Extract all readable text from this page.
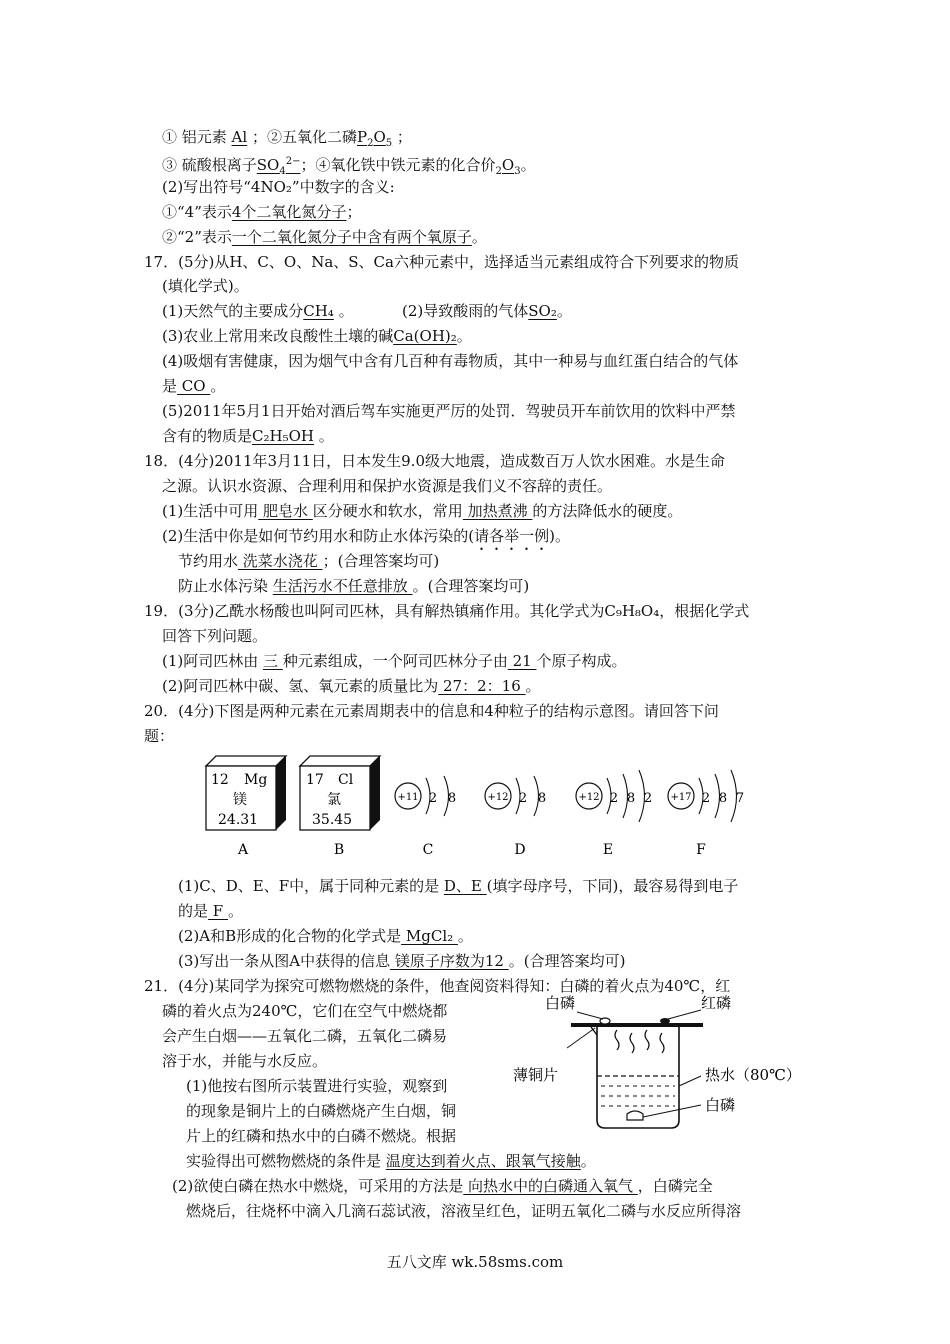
① 铝元素 Al ；②五氧化二磷$P_2O_5$ ；
③ 硫酸根离子$SO_4^{2-}$；④氧化铁中铁元素的化合价$_2O_3$。
(2)写出符号“4NO₂”中数字的含义:
①“4”表示4个二氧化氮分子；
②“2”表示一个二氧化氮分子中含有两个氧原子。
17．(5分)从H、C、O、Na、S、Ca六种元素中，选择适当元素组成符合下列要求的物质
(填化学式)。
(1)天然气的主要成分CH₄ 。	(2)导致酸雨的气体SO₂。
(3)农业上常用来改良酸性土壤的碱Ca(OH)₂。
(4)吸烟有害健康，因为烟气中含有几百种有毒物质，其中一种易与血红蛋白结合的气体
是 CO 。
(5)2011年5月1日开始对酒后驾车实施更严厉的处罚．驾驶员开车前饮用的饮料中严禁
含有的物质是C₂H₅OH 。
18．(4分)2011年3月11日，日本发生9.0级大地震，造成数百万人饮水困难。水是生命
之源。认识水资源、合理利用和保护水资源是我们义不容辞的责任。
(1)生活中可用 肥皂水 区分硬水和软水，常用 加热煮沸 的方法降低水的硬度。
(2)生活中你是如何节约用水和防止水体污染的(请各举一例)。
节约用水 洗菜水浇花 ；(合理答案均可)
防止水体污染 生活污水不任意排放 。(合理答案均可)
19．(3分)乙酰水杨酸也叫阿司匹林，具有解热镇痛作用。其化学式为C₉H₈O₄，根据化学式
回答下列问题。
(1)阿司匹林由 三 种元素组成，一个阿司匹林分子由 21 个原子构成。
(2)阿司匹林中碳、氢、氧元素的质量比为 27：2：16 。
20．(4分)下图是两种元素在元素周期表中的信息和4种粒子的结构示意图。请回答下问
题：
12 Mg
镁
24.31
17 Cl
氯
35.45
+11 2 8	+12 2 8	+12 2 8 2 +17 2 8 7
A	B	C	D	E	F
(1)C、D、E、F中，属于同种元素的是 D、E (填字母序号，下同)，最容易得到电子
的是 F 。
(2)A和B形成的化合物的化学式是 MgCl₂ 。
(3)写出一条从图A中获得的信息 镁原子序数为12 。(合理答案均可)
21．(4分)某同学为探究可燃物燃烧的条件，他查阅资料得知：白磷的着火点为40℃，红
磷的着火点为240℃，它们在空气中燃烧都
会产生白烟——五氧化二磷，五氧化二磷易
溶于水，并能与水反应。
(1)他按右图所示装置进行实验，观察到
的现象是铜片上的白磷燃烧产生白烟，铜
片上的红磷和热水中的白磷不燃烧。根据
实验得出可燃物燃烧的条件是 温度达到着火点、跟氧气接触。
(2)欲使白磷在热水中燃烧，可采用的方法是 向热水中的白磷通入氧气 ，白磷完全
燃烧后，往烧杯中滴入几滴石蕊试液，溶液呈红色，证明五氧化二磷与水反应所得溶
白磷	红磷
薄铜片	热水（80℃）
白磷
五八文库 wk.58sms.com
